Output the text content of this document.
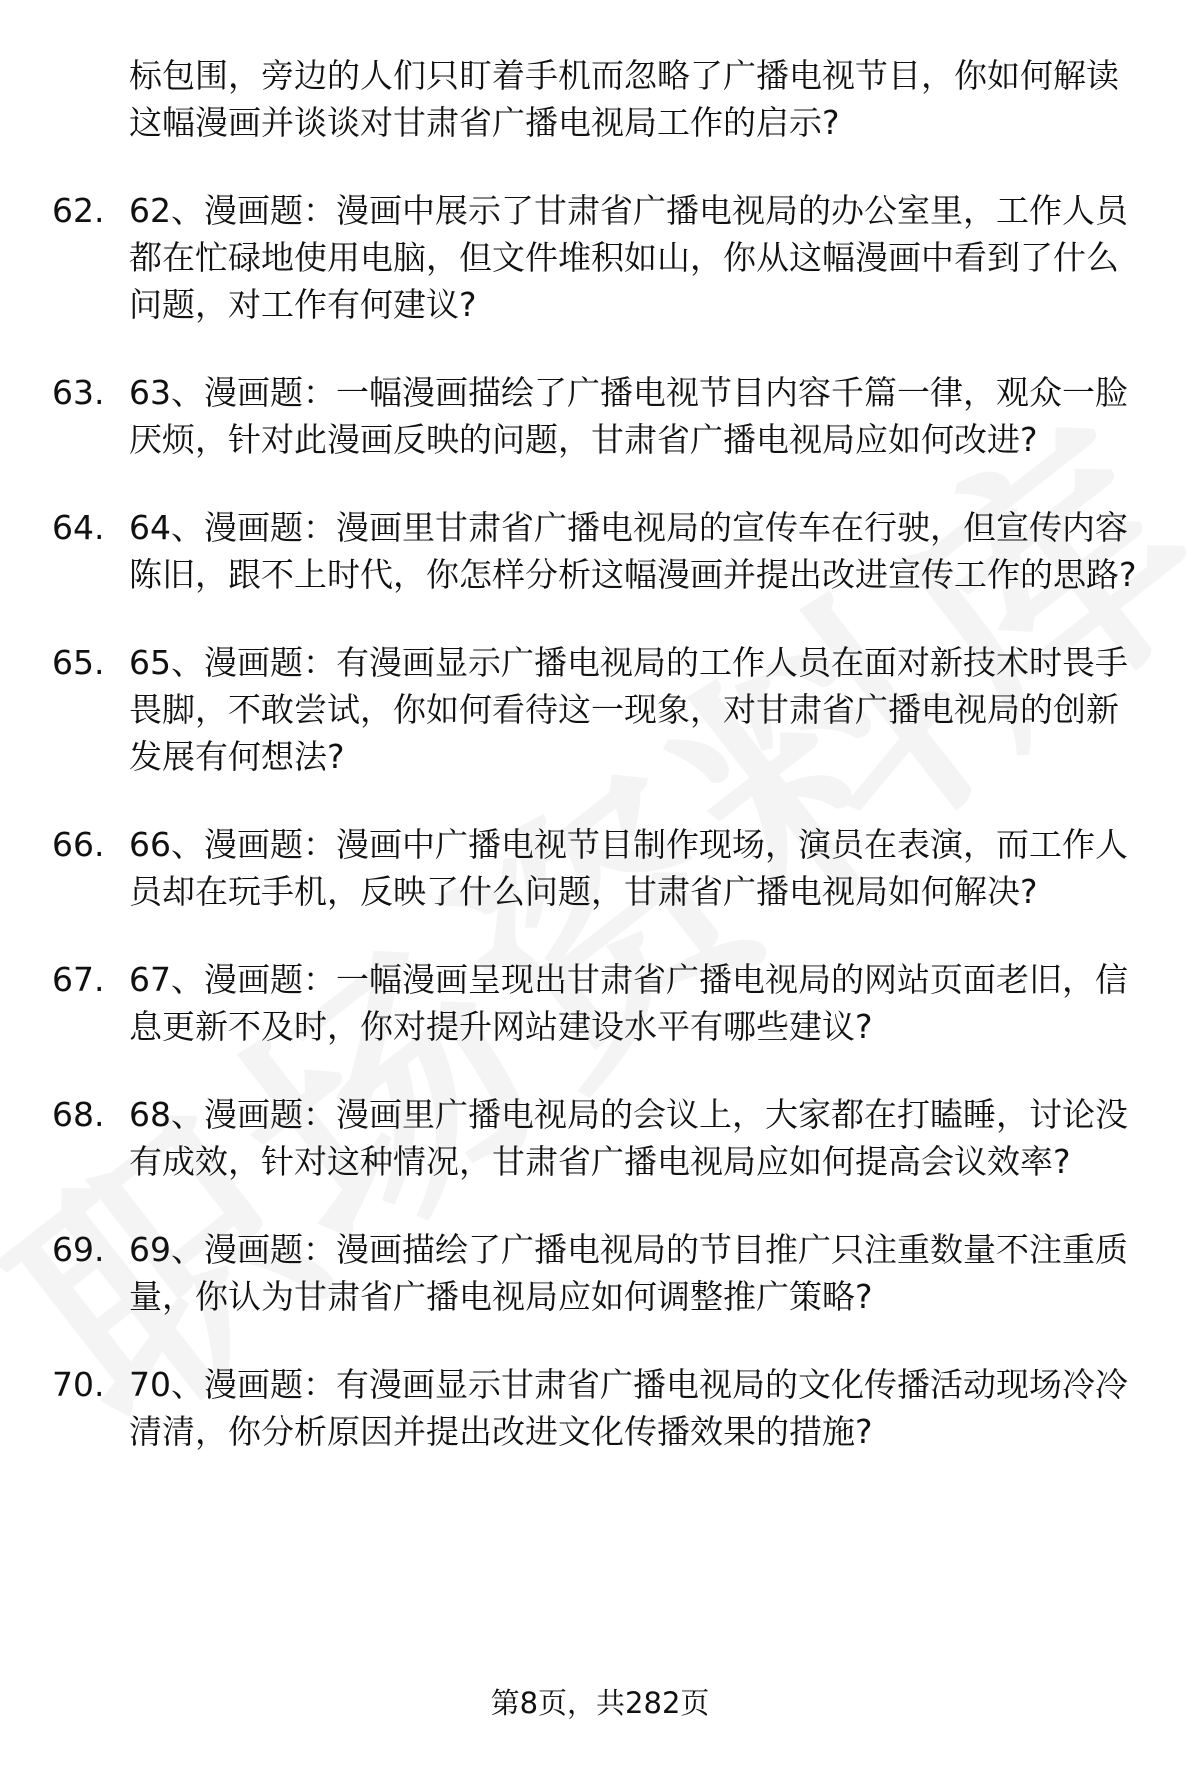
标包围，旁边的人们只盯着手机而忽略了广播电视节目，你如何解读这幅漫画并谈谈对甘肃省广播电视局工作的启示?
62. 62、漫画题：漫画中展示了甘肃省广播电视局的办公室里，工作人员都在忙碌地使用电脑，但文件堆积如山，你从这幅漫画中看到了什么问题，对工作有何建议?
63. 63、漫画题：一幅漫画描绘了广播电视节目内容千篇一律，观众一脸厌烦，针对此漫画反映的问题，甘肃省广播电视局应如何改进?
64. 64、漫画题：漫画里甘肃省广播电视局的宣传车在行驶，但宣传内容陈旧，跟不上时代，你怎样分析这幅漫画并提出改进宣传工作的思路?
65. 65、漫画题：有漫画显示广播电视局的工作人员在面对新技术时畏手畏脚，不敢尝试，你如何看待这一现象，对甘肃省广播电视局的创新发展有何想法?
66. 66、漫画题：漫画中广播电视节目制作现场，演员在表演，而工作人员却在玩手机，反映了什么问题，甘肃省广播电视局如何解决?
67. 67、漫画题：一幅漫画呈现出甘肃省广播电视局的网站页面老旧，信息更新不及时，你对提升网站建设水平有哪些建议?
68. 68、漫画题：漫画里广播电视局的会议上，大家都在打瞌睡，讨论没有成效，针对这种情况，甘肃省广播电视局应如何提高会议效率?
69. 69、漫画题：漫画描绘了广播电视局的节目推广只注重数量不注重质量，你认为甘肃省广播电视局应如何调整推广策略?
70. 70、漫画题：有漫画显示甘肃省广播电视局的文化传播活动现场冷冷清清，你分析原因并提出改进文化传播效果的措施?
第8页，共282页
